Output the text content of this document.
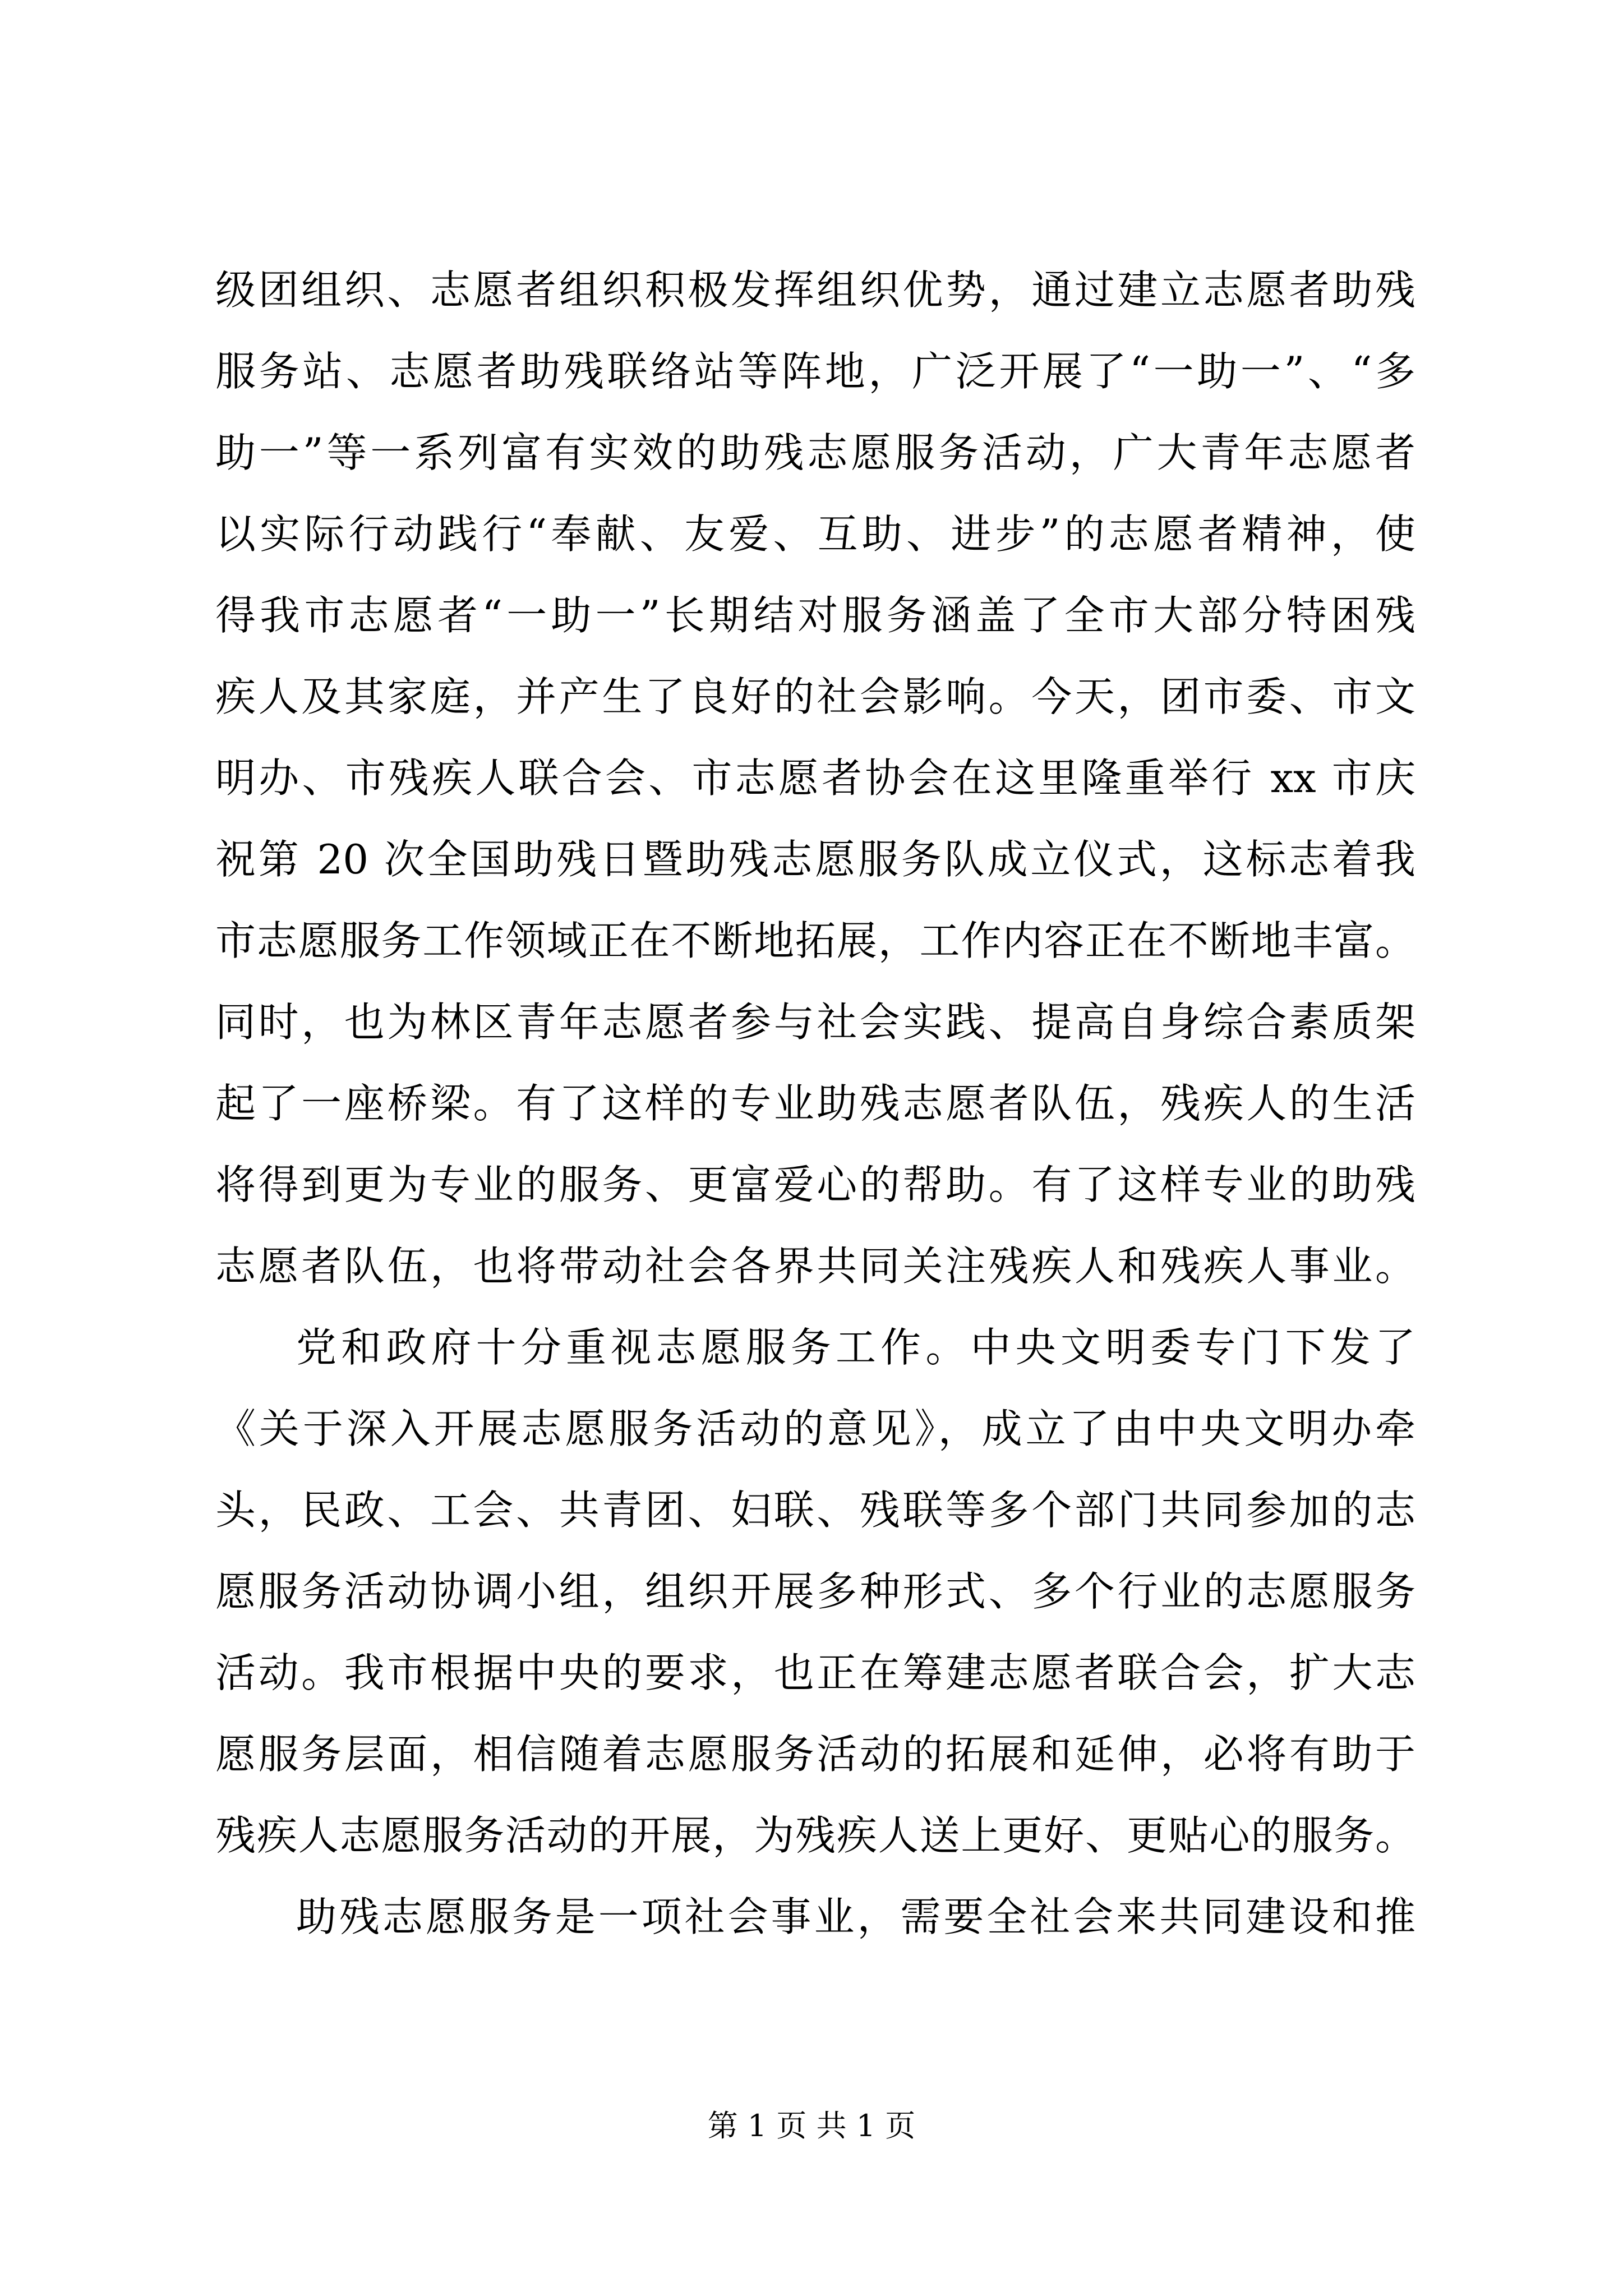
级团组织、志愿者组织积极发挥组织优势，通过建立志愿者助残
服务站、志愿者助残联络站等阵地，广泛开展了“一助一”、“多
助一”等一系列富有实效的助残志愿服务活动，广大青年志愿者
以实际行动践行“奉献、友爱、互助、进步”的志愿者精神，使
得我市志愿者“一助一”长期结对服务涵盖了全市大部分特困残
疾人及其家庭，并产生了良好的社会影响。今天，团市委、市文
明办、市残疾人联合会、市志愿者协会在这里隆重举行 xx 市庆
祝第 20 次全国助残日暨助残志愿服务队成立仪式，这标志着我
市志愿服务工作领域正在不断地拓展，工作内容正在不断地丰富。
同时，也为林区青年志愿者参与社会实践、提高自身综合素质架
起了一座桥梁。有了这样的专业助残志愿者队伍，残疾人的生活
将得到更为专业的服务、更富爱心的帮助。有了这样专业的助残
志愿者队伍，也将带动社会各界共同关注残疾人和残疾人事业。
党和政府十分重视志愿服务工作。中央文明委专门下发了
《关于深入开展志愿服务活动的意见》，成立了由中央文明办牵
头，民政、工会、共青团、妇联、残联等多个部门共同参加的志
愿服务活动协调小组，组织开展多种形式、多个行业的志愿服务
活动。我市根据中央的要求，也正在筹建志愿者联合会，扩大志
愿服务层面，相信随着志愿服务活动的拓展和延伸，必将有助于
残疾人志愿服务活动的开展，为残疾人送上更好、更贴心的服务。
助残志愿服务是一项社会事业，需要全社会来共同建设和推
第 1 页 共 1 页
